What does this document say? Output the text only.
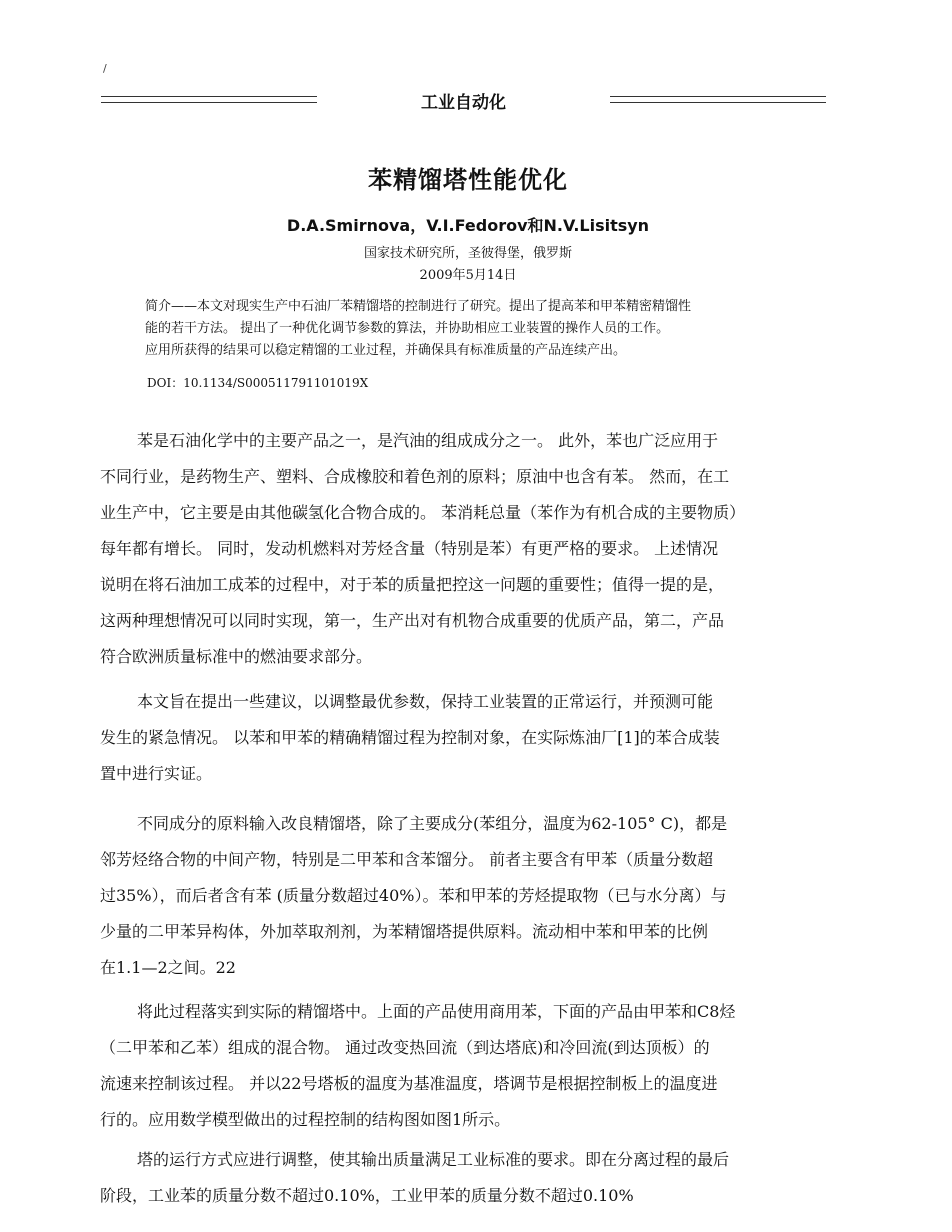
/
工业自动化
苯精馏塔性能优化
D.A.Smirnova，V.I.Fedorov和N.V.Lisitsyn
国家技术研究所，圣彼得堡，俄罗斯
2009年5月14日
简介——本文对现实生产中石油厂苯精馏塔的控制进行了研究。提出了提高苯和甲苯精密精馏性
能的若干方法。 提出了一种优化调节参数的算法，并协助相应工业装置的操作人员的工作。
应用所获得的结果可以稳定精馏的工业过程，并确保具有标准质量的产品连续产出。
DOI：10.1134/S000511791101019X
苯是石油化学中的主要产品之一，是汽油的组成成分之一。 此外，苯也广泛应用于
不同行业，是药物生产、塑料、合成橡胶和着色剂的原料；原油中也含有苯。 然而，在工
业生产中，它主要是由其他碳氢化合物合成的。 苯消耗总量（苯作为有机合成的主要物质）
每年都有增长。 同时，发动机燃料对芳烃含量（特别是苯）有更严格的要求。 上述情况
说明在将石油加工成苯的过程中，对于苯的质量把控这一问题的重要性；值得一提的是，
这两种理想情况可以同时实现，第一，生产出对有机物合成重要的优质产品，第二，产品
符合欧洲质量标准中的燃油要求部分。
本文旨在提出一些建议，以调整最优参数，保持工业装置的正常运行，并预测可能
发生的紧急情况。 以苯和甲苯的精确精馏过程为控制对象，在实际炼油厂[1]的苯合成装
置中进行实证。
不同成分的原料输入改良精馏塔，除了主要成分(苯组分，温度为62-105° C)，都是
邻芳烃络合物的中间产物，特别是二甲苯和含苯馏分。 前者主要含有甲苯（质量分数超
过35%），而后者含有苯 (质量分数超过40%）。苯和甲苯的芳烃提取物（已与水分离）与
少量的二甲苯异构体，外加萃取剂剂，为苯精馏塔提供原料。流动相中苯和甲苯的比例
在1.1—2之间。22
将此过程落实到实际的精馏塔中。上面的产品使用商用苯，下面的产品由甲苯和C8烃
（二甲苯和乙苯）组成的混合物。 通过改变热回流（到达塔底)和冷回流(到达顶板）的
流速来控制该过程。 并以22号塔板的温度为基准温度，塔调节是根据控制板上的温度进
行的。应用数学模型做出的过程控制的结构图如图1所示。
塔的运行方式应进行调整，使其输出质量满足工业标准的要求。即在分离过程的最后
阶段，工业苯的质量分数不超过0.10%，工业甲苯的质量分数不超过0.10%
